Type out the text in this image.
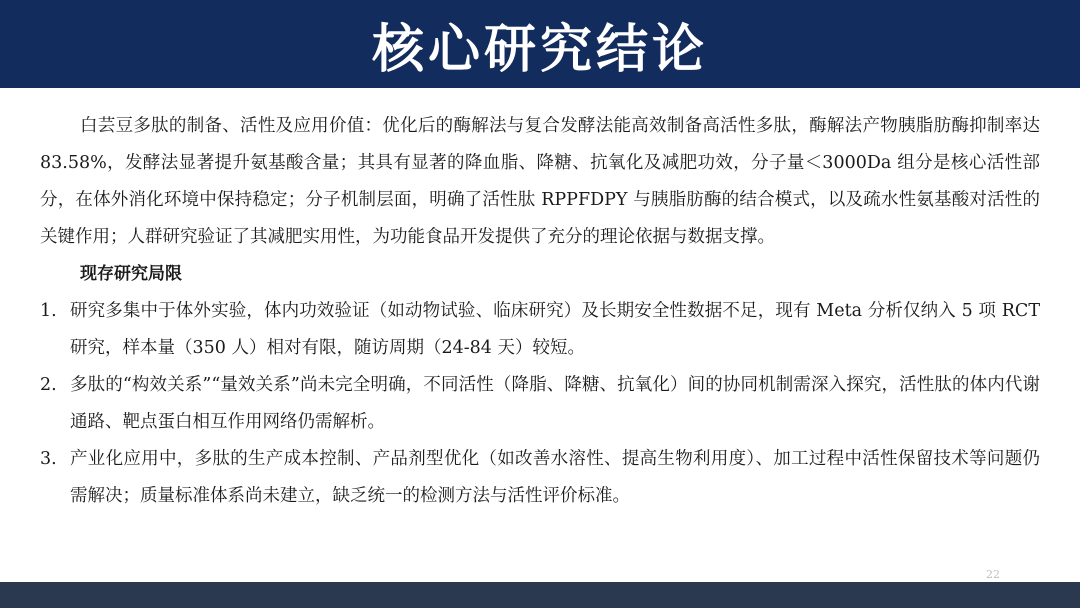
核心研究结论

白芸豆多肽的制备、活性及应用价值：优化后的酶解法与复合发酵法能高效制备高活性多肽，酶解法产物胰脂肪酶抑制率达 83.58%，发酵法显著提升氨基酸含量；其具有显著的降血脂、降糖、抗氧化及减肥功效，分子量＜3000Da 组分是核心活性部分，在体外消化环境中保持稳定；分子机制层面，明确了活性肽 RPPFDPY 与胰脂肪酶的结合模式，以及疏水性氨基酸对活性的关键作用；人群研究验证了其减肥实用性，为功能食品开发提供了充分的理论依据与数据支撑。

现存研究局限

1. 研究多集中于体外实验，体内功效验证（如动物试验、临床研究）及长期安全性数据不足，现有 Meta 分析仅纳入 5 项 RCT 研究，样本量（350 人）相对有限，随访周期（24-84 天）较短。
2. 多肽的“构效关系”“量效关系”尚未完全明确，不同活性（降脂、降糖、抗氧化）间的协同机制需深入探究，活性肽的体内代谢通路、靶点蛋白相互作用网络仍需解析。
3. 产业化应用中，多肽的生产成本控制、产品剂型优化（如改善水溶性、提高生物利用度）、加工过程中活性保留技术等问题仍需解决；质量标准体系尚未建立，缺乏统一的检测方法与活性评价标准。
22
